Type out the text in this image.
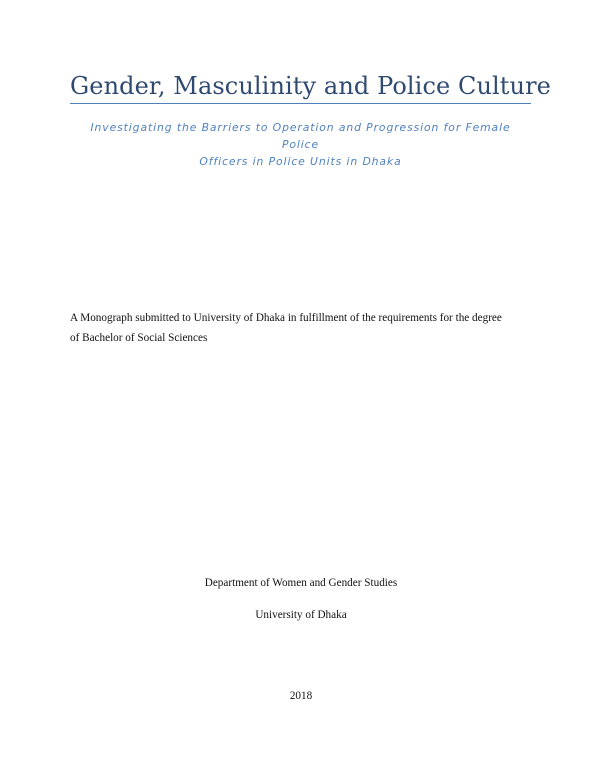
Gender, Masculinity and Police Culture
Investigating the Barriers to Operation and Progression for Female Police
Officers in Police Units in Dhaka
A Monograph submitted to University of Dhaka in fulfillment of the requirements for the degree
of Bachelor of Social Sciences
Department of Women and Gender Studies
University of Dhaka
2018
